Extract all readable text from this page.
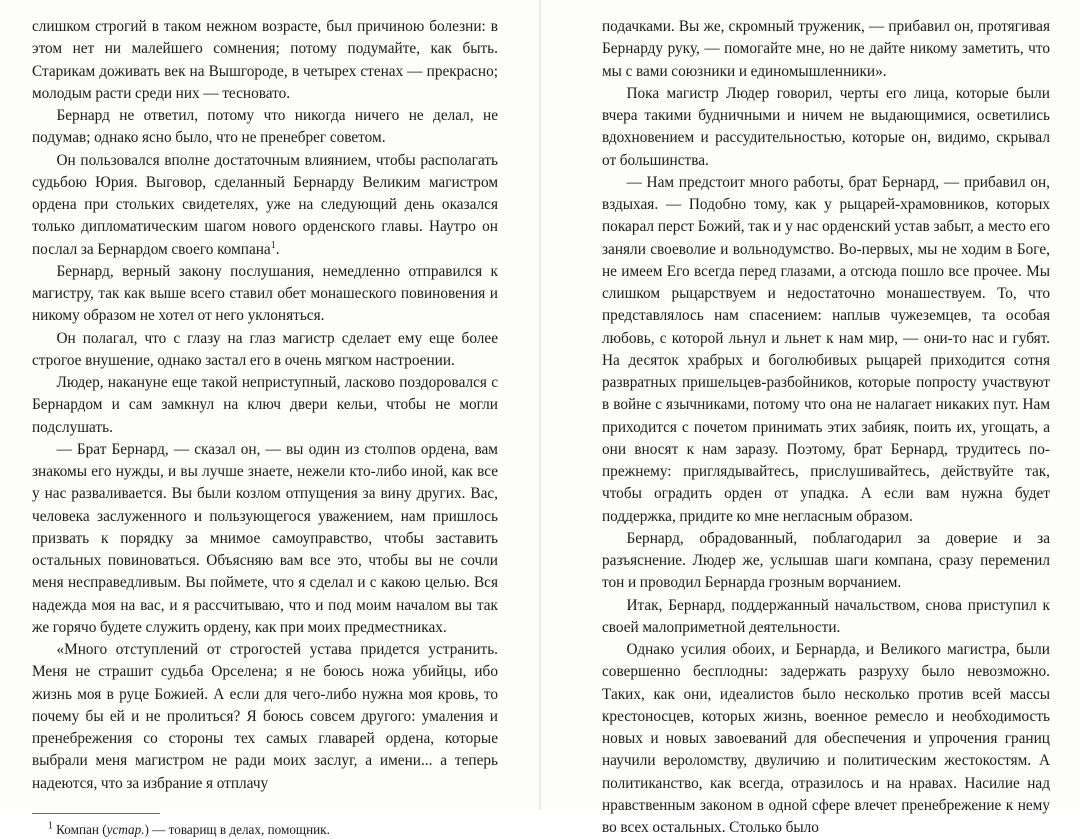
слишком строгий в таком нежном возрасте, был причиною болезни: в этом нет ни малейшего сомнения; потому подумайте, как быть. Старикам доживать век на Вышгороде, в четырех стенах — прекрасно; молодым расти среди них — тесновато.

Бернард не ответил, потому что никогда ничего не делал, не подумав; однако ясно было, что не пренебрег советом.

Он пользовался вполне достаточным влиянием, чтобы располагать судьбою Юрия. Выговор, сделанный Бернарду Великим магистром ордена при стольких свидетелях, уже на следующий день оказался только дипломатическим шагом нового орденского главы. Наутро он послал за Бернардом своего компана$^1$.

Бернард, верный закону послушания, немедленно отправился к магистру, так как выше всего ставил обет монашеского повиновения и никому образом не хотел от него уклоняться.

Он полагал, что с глазу на глаз магистр сделает ему еще более строгое внушение, однако застал его в очень мягком настроении.

Людер, накануне еще такой неприступный, ласково поздоровался с Бернардом и сам замкнул на ключ двери кельи, чтобы не могли подслушать.

— Брат Бернард, — сказал он, — вы один из столпов ордена, вам знакомы его нужды, и вы лучше знаете, нежели кто-либо иной, как все у нас разваливается. Вы были козлом отпущения за вину других. Вас, человека заслуженного и пользующегося уважением, нам пришлось призвать к порядку за мнимое самоуправство, чтобы заставить остальных повиноваться. Объясняю вам все это, чтобы вы не сочли меня несправедливым. Вы поймете, что я сделал и с какою целью. Вся надежда моя на вас, и я рассчитываю, что и под моим началом вы так же горячо будете служить ордену, как при моих предместниках.

«Много отступлений от строгостей устава придется устранить. Меня не страшит судьба Орселена; я не боюсь ножа убийцы, ибо жизнь моя в руце Божией. А если для чего-либо нужна моя кровь, то почему бы ей и не пролиться? Я боюсь совсем другого: умаления и пренебрежения со стороны тех самых главарей ордена, которые выбрали меня магистром не ради моих заслуг, а имени... а теперь надеются, что за избрание я отплачу

$^1$ Компан (устар.) — товарищ в делах, помощник.

подачками. Вы же, скромный труженик, — прибавил он, протягивая Бернарду руку, — помогайте мне, но не дайте никому заметить, что мы с вами союзники и единомышленники».

Пока магистр Людер говорил, черты его лица, которые были вчера такими будничными и ничем не выдающимися, осветились вдохновением и рассудительностью, которые он, видимо, скрывал от большинства.

— Нам предстоит много работы, брат Бернард, — прибавил он, вздыхая. — Подобно тому, как у рыцарей-храмовников, которых покарал перст Божий, так и у нас орденский устав забыт, а место его заняли своеволие и вольнодумство. Во-первых, мы не ходим в Боге, не имеем Его всегда перед глазами, а отсюда пошло все прочее. Мы слишком рыцарствуем и недостаточно монашествуем. То, что представлялось нам спасением: наплыв чужеземцев, та особая любовь, с которой льнул и льнет к нам мир, — они-то нас и губят. На десяток храбрых и боголюбивых рыцарей приходится сотня развратных пришельцев-разбойников, которые попросту участвуют в войне с язычниками, потому что она не налагает никаких пут. Нам приходится с почетом принимать этих забияк, поить их, угощать, а они вносят к нам заразу. Поэтому, брат Бернард, трудитесь по-прежнему: приглядывайтесь, прислушивайтесь, действуйте так, чтобы оградить орден от упадка. А если вам нужна будет поддержка, придите ко мне негласным образом.

Бернард, обрадованный, поблагодарил за доверие и за разъяснение. Людер же, услышав шаги компана, сразу переменил тон и проводил Бернарда грозным ворчанием.

Итак, Бернард, поддержанный начальством, снова приступил к своей малоприметной деятельности.

Однако усилия обоих, и Бернарда, и Великого магистра, были совершенно бесплодны: задержать разруху было невозможно. Таких, как они, идеалистов было несколько против всей массы крестоносцев, которых жизнь, военное ремесло и необходимость новых и новых завоеваний для обеспечения и упрочения границ научили вероломству, двуличию и политическим жестокостям. А политиканство, как всегда, отразилось и на нравах. Насилие над нравственным законом в одной сфере влечет пренебрежение к нему во всех остальных. Столько было
